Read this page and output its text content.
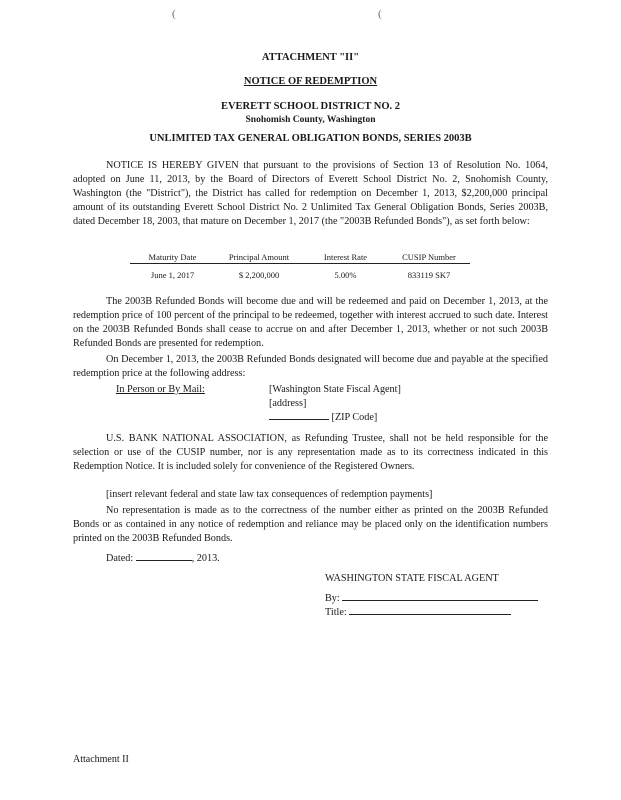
(	(
ATTACHMENT "II"
NOTICE OF REDEMPTION
EVERETT SCHOOL DISTRICT NO. 2
Snohomish County, Washington
UNLIMITED TAX GENERAL OBLIGATION BONDS, SERIES 2003B
NOTICE IS HEREBY GIVEN that pursuant to the provisions of Section 13 of Resolution No. 1064, adopted on June 11, 2013, by the Board of Directors of Everett School District No. 2, Snohomish County, Washington (the "District"), the District has called for redemption on December 1, 2013, $2,200,000 principal amount of its outstanding Everett School District No. 2 Unlimited Tax General Obligation Bonds, Series 2003B, dated December 18, 2003, that mature on December 1, 2017 (the "2003B Refunded Bonds"), as set forth below:
Maturity Date	Principal Amount	Interest Rate	CUSIP Number
June 1, 2017	$ 2,200,000	5.00%	833119 SK7
The 2003B Refunded Bonds will become due and will be redeemed and paid on December 1, 2013, at the redemption price of 100 percent of the principal to be redeemed, together with interest accrued to such date. Interest on the 2003B Refunded Bonds shall cease to accrue on and after December 1, 2013, whether or not such 2003B Refunded Bonds are presented for redemption.
On December 1, 2013, the 2003B Refunded Bonds designated will become due and payable at the specified redemption price at the following address:
In Person or By Mail:	[Washington State Fiscal Agent]
[address]
[ZIP Code]
U.S. BANK NATIONAL ASSOCIATION, as Refunding Trustee, shall not be held responsible for the selection or use of the CUSIP number, nor is any representation made as to its correctness indicated in this Redemption Notice. It is included solely for convenience of the Registered Owners.
[insert relevant federal and state law tax consequences of redemption payments]
No representation is made as to the correctness of the number either as printed on the 2003B Refunded Bonds or as contained in any notice of redemption and reliance may be placed only on the identification numbers printed on the 2003B Refunded Bonds.
Dated:	, 2013.
WASHINGTON STATE FISCAL AGENT
By:
Title:
Attachment II
